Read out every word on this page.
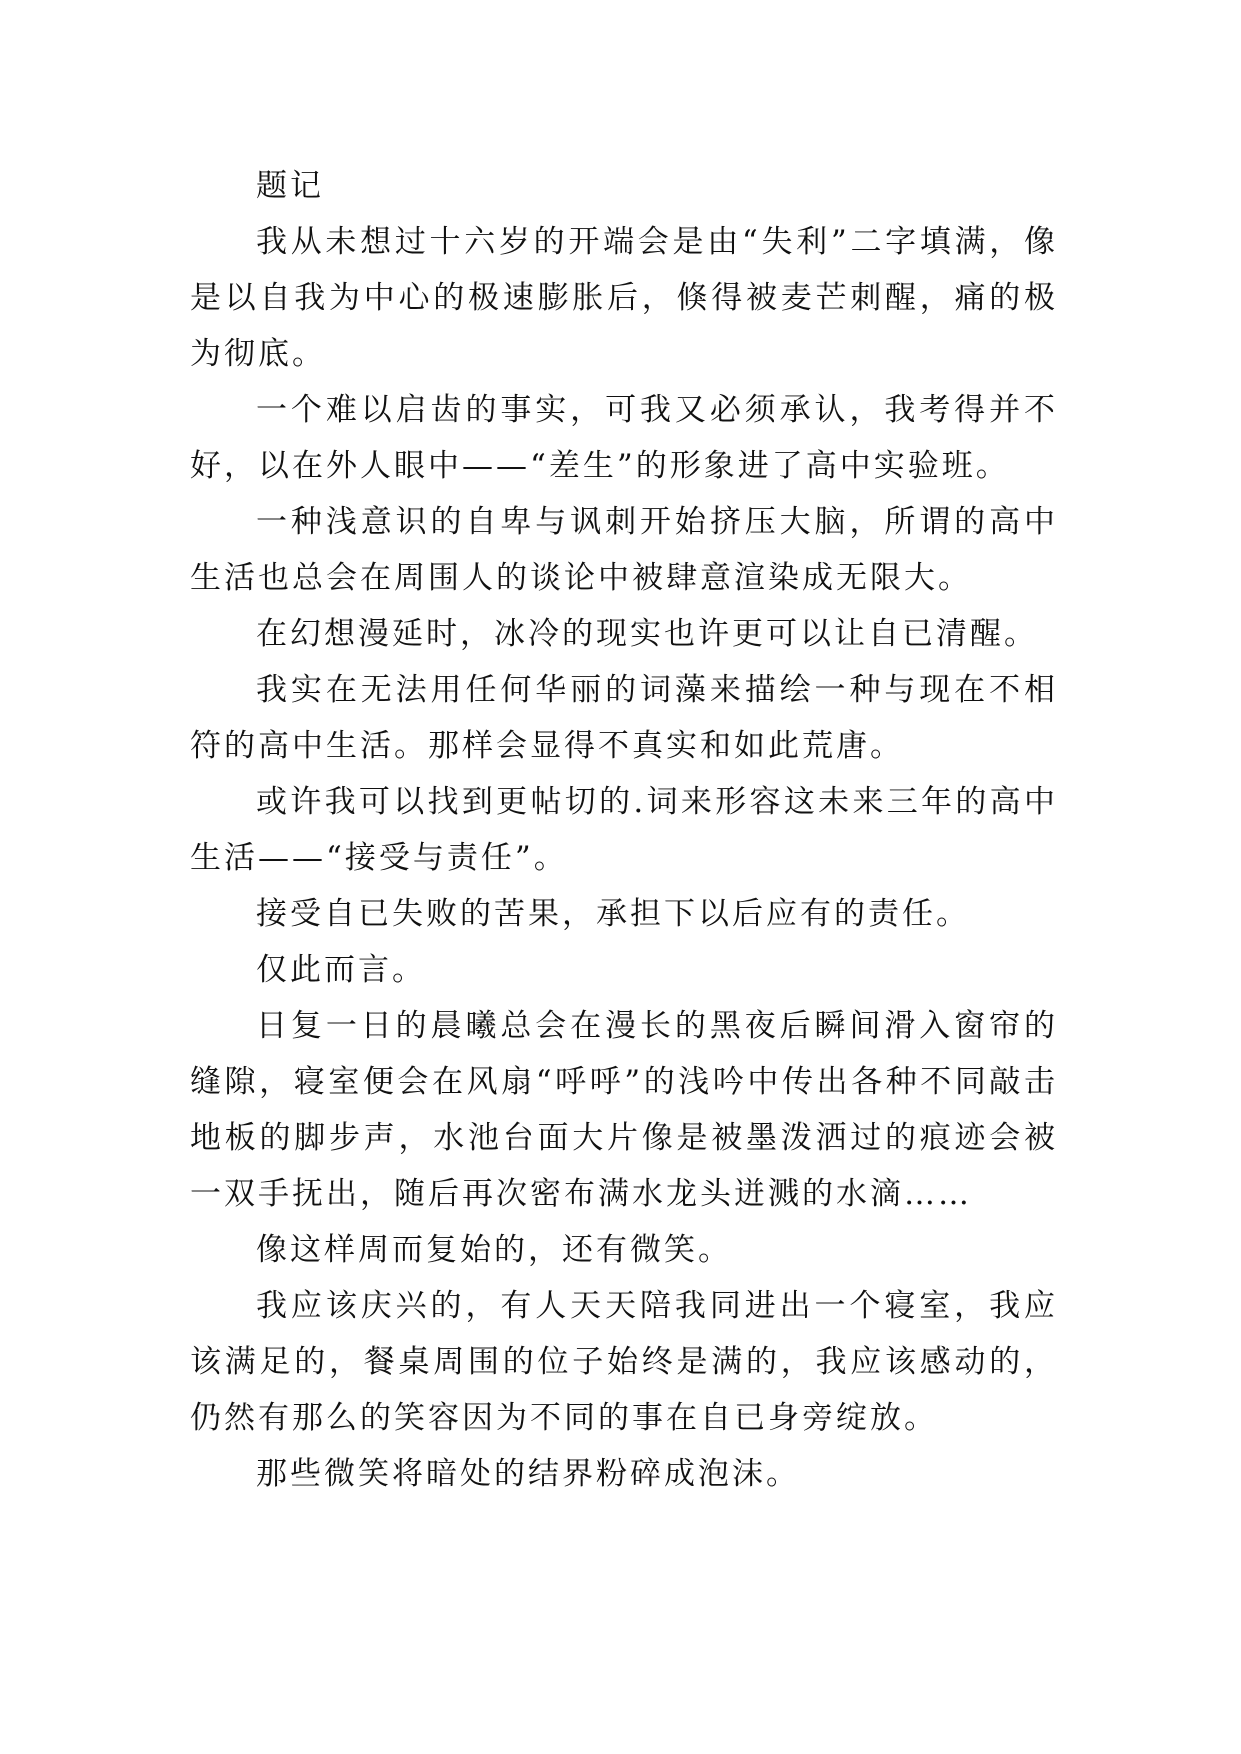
题记

我从未想过十六岁的开端会是由“失利”二字填满，像是以自我为中心的极速膨胀后，倏得被麦芒刺醒，痛的极为彻底。

一个难以启齿的事实，可我又必须承认，我考得并不好，以在外人眼中——“差生”的形象进了高中实验班。

一种浅意识的自卑与讽刺开始挤压大脑，所谓的高中生活也总会在周围人的谈论中被肆意渲染成无限大。

在幻想漫延时，冰冷的现实也许更可以让自已清醒。

我实在无法用任何华丽的词藻来描绘一种与现在不相符的高中生活。那样会显得不真实和如此荒唐。

或许我可以找到更帖切的.词来形容这未来三年的高中生活——“接受与责任”。

接受自已失败的苦果，承担下以后应有的责任。

仅此而言。

日复一日的晨曦总会在漫长的黑夜后瞬间滑入窗帘的缝隙，寝室便会在风扇“呼呼”的浅吟中传出各种不同敲击地板的脚步声，水池台面大片像是被墨泼洒过的痕迹会被一双手抚出，随后再次密布满水龙头迸溅的水滴……

像这样周而复始的，还有微笑。

我应该庆兴的，有人天天陪我同进出一个寝室，我应该满足的，餐桌周围的位子始终是满的，我应该感动的，仍然有那么的笑容因为不同的事在自已身旁绽放。

那些微笑将暗处的结界粉碎成泡沫。
